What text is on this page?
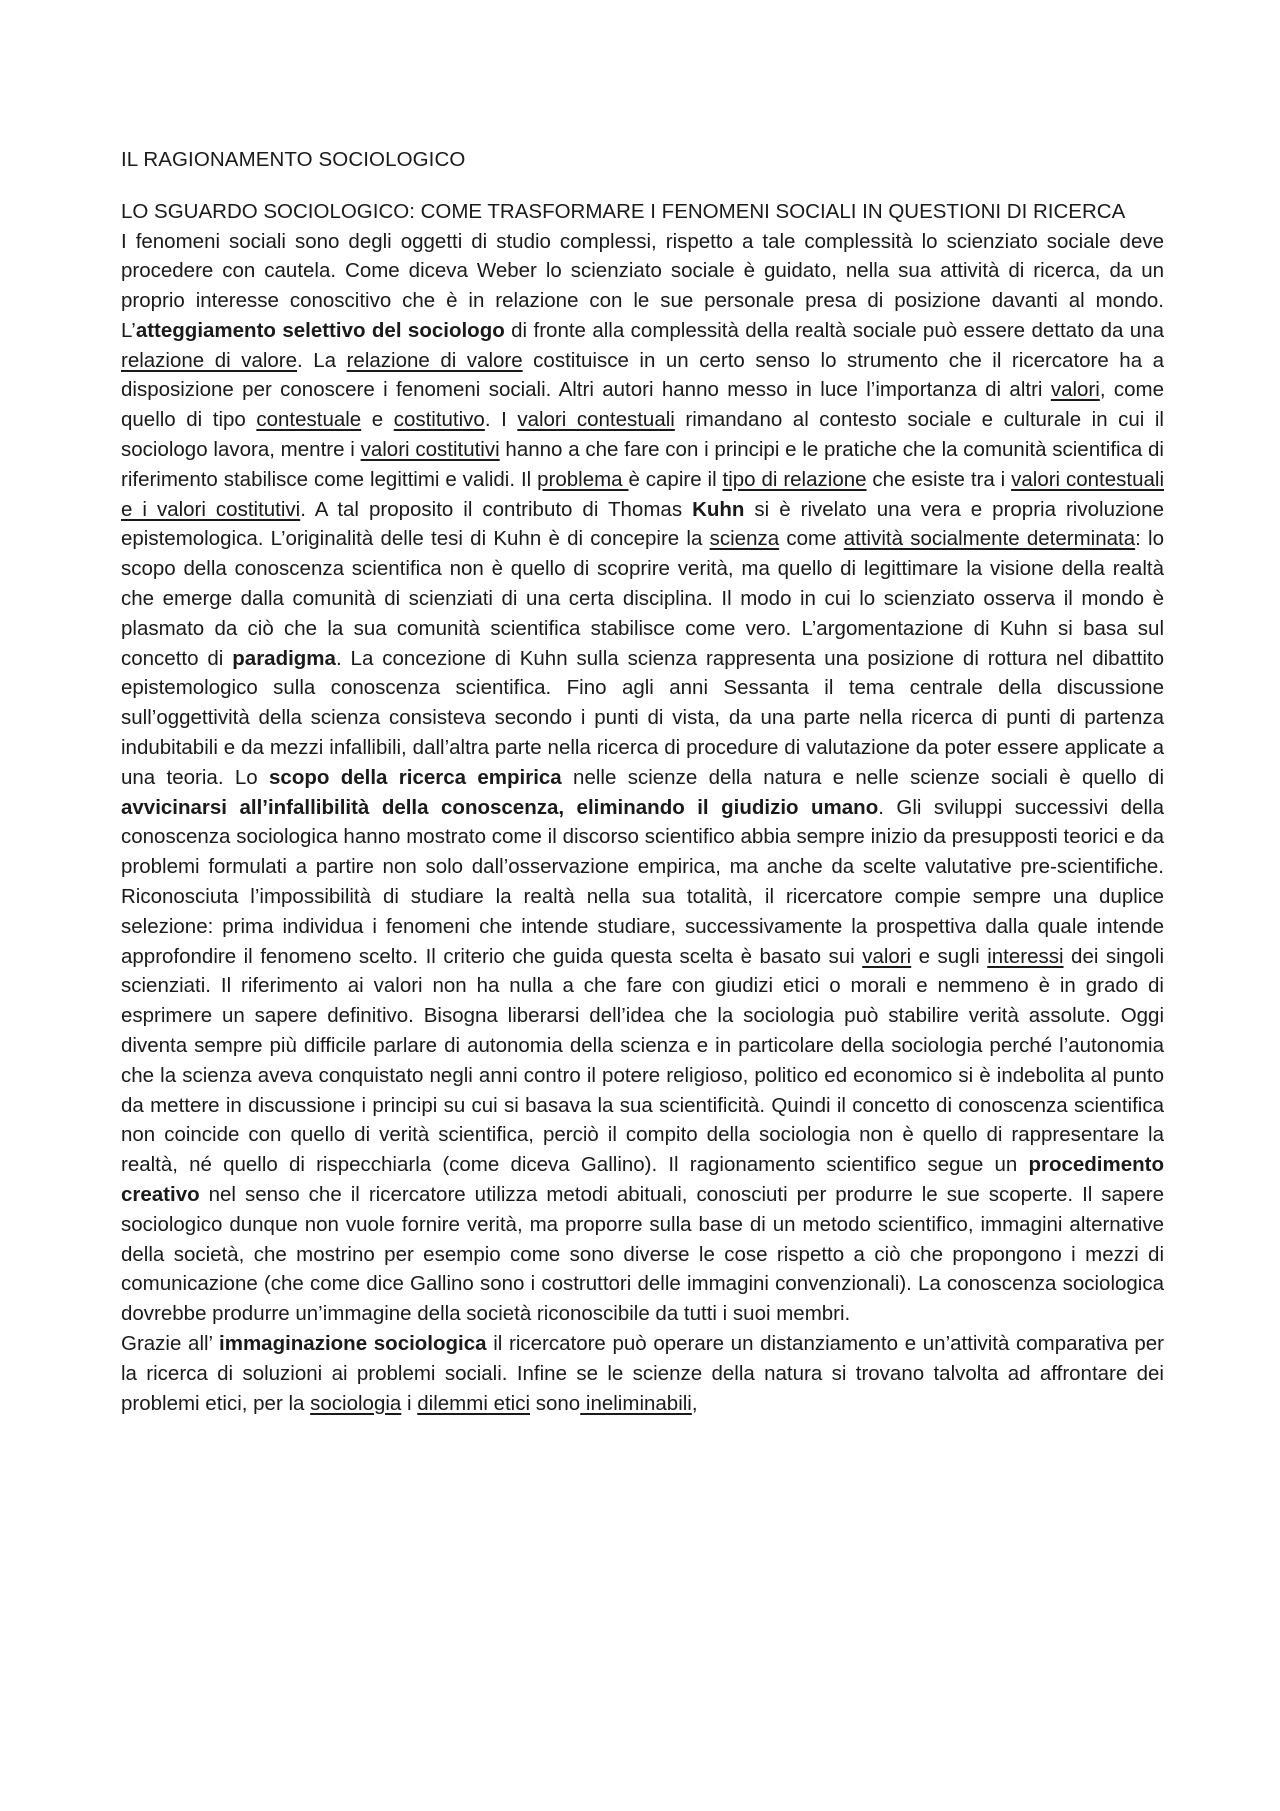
IL RAGIONAMENTO SOCIOLOGICO
LO SGUARDO SOCIOLOGICO: COME TRASFORMARE I FENOMENI SOCIALI IN QUESTIONI DI RICERCA

I fenomeni sociali sono degli oggetti di studio complessi, rispetto a tale complessità lo scienziato sociale deve procedere con cautela. Come diceva Weber lo scienziato sociale è guidato, nella sua attività di ricerca, da un proprio interesse conoscitivo che è in relazione con le sue personale presa di posizione davanti al mondo. L’atteggiamento selettivo del sociologo di fronte alla complessità della realtà sociale può essere dettato da una relazione di valore. La relazione di valore costituisce in un certo senso lo strumento che il ricercatore ha a disposizione per conoscere i fenomeni sociali. Altri autori hanno messo in luce l’importanza di altri valori, come quello di tipo contestuale e costitutivo. I valori contestuali rimandano al contesto sociale e culturale in cui il sociologo lavora, mentre i valori costitutivi hanno a che fare con i principi e le pratiche che la comunità scientifica di riferimento stabilisce come legittimi e validi. Il problema è capire il tipo di relazione che esiste tra i valori contestuali e i valori costitutivi. A tal proposito il contributo di Thomas Kuhn si è rivelato una vera e propria rivoluzione epistemologica. L’originalità delle tesi di Kuhn è di concepire la scienza come attività socialmente determinata: lo scopo della conoscenza scientifica non è quello di scoprire verità, ma quello di legittimare la visione della realtà che emerge dalla comunità di scienziati di una certa disciplina. Il modo in cui lo scienziato osserva il mondo è plasmato da ciò che la sua comunità scientifica stabilisce come vero. L’argomentazione di Kuhn si basa sul concetto di paradigma. La concezione di Kuhn sulla scienza rappresenta una posizione di rottura nel dibattito epistemologico sulla conoscenza scientifica. Fino agli anni Sessanta il tema centrale della discussione sull’oggettività della scienza consisteva secondo i punti di vista, da una parte nella ricerca di punti di partenza indubitabili e da mezzi infallibili, dall’altra parte nella ricerca di procedure di valutazione da poter essere applicate a una teoria. Lo scopo della ricerca empirica nelle scienze della natura e nelle scienze sociali è quello di avvicinarsi all’infallibilità della conoscenza, eliminando il giudizio umano. Gli sviluppi successivi della conoscenza sociologica hanno mostrato come il discorso scientifico abbia sempre inizio da presupposti teorici e da problemi formulati a partire non solo dall’osservazione empirica, ma anche da scelte valutative pre-scientifiche. Riconosciuta l’impossibilità di studiare la realtà nella sua totalità, il ricercatore compie sempre una duplice selezione: prima individua i fenomeni che intende studiare, successivamente la prospettiva dalla quale intende approfondire il fenomeno scelto. Il criterio che guida questa scelta è basato sui valori e sugli interessi dei singoli scienziati. Il riferimento ai valori non ha nulla a che fare con giudizi etici o morali e nemmeno è in grado di esprimere un sapere definitivo. Bisogna liberarsi dell’idea che la sociologia può stabilire verità assolute. Oggi diventa sempre più difficile parlare di autonomia della scienza e in particolare della sociologia perché l’autonomia che la scienza aveva conquistato negli anni contro il potere religioso, politico ed economico si è indebolita al punto da mettere in discussione i principi su cui si basava la sua scientificità. Quindi il concetto di conoscenza scientifica non coincide con quello di verità scientifica, perciò il compito della sociologia non è quello di rappresentare la realtà, né quello di rispecchiarla (come diceva Gallino). Il ragionamento scientifico segue un procedimento creativo nel senso che il ricercatore utilizza metodi abituali, conosciuti per produrre le sue scoperte. Il sapere sociologico dunque non vuole fornire verità, ma proporre sulla base di un metodo scientifico, immagini alternative della società, che mostrino per esempio come sono diverse le cose rispetto a ciò che propongono i mezzi di comunicazione (che come dice Gallino sono i costruttori delle immagini convenzionali). La conoscenza sociologica dovrebbe produrre un’immagine della società riconoscibile da tutti i suoi membri.

Grazie all’ immaginazione sociologica il ricercatore può operare un distanziamento e un’attività comparativa per la ricerca di soluzioni ai problemi sociali. Infine se le scienze della natura si trovano talvolta ad affrontare dei problemi etici, per la sociologia i dilemmi etici sono ineliminabili,
